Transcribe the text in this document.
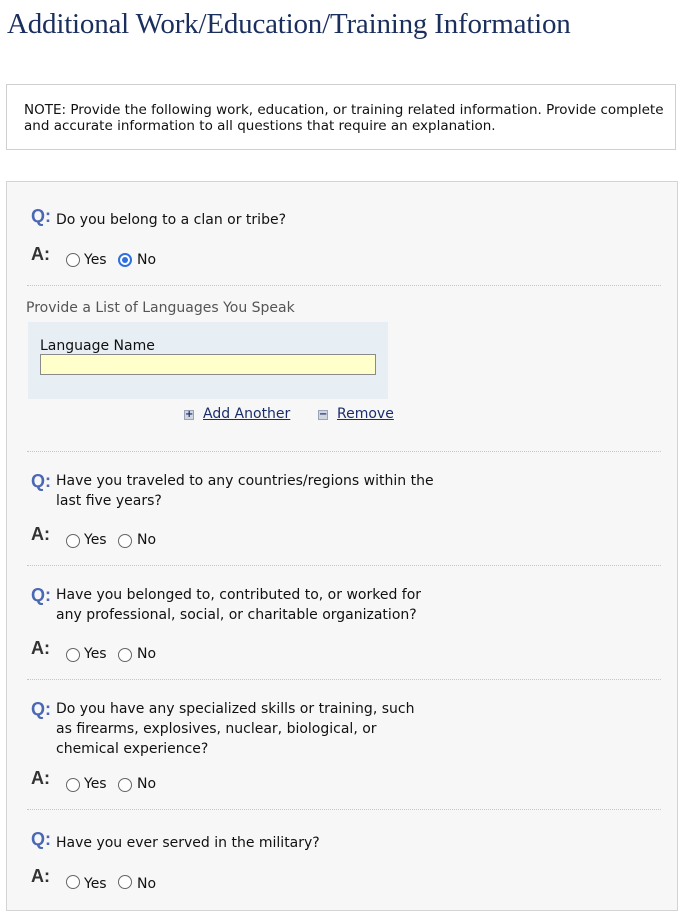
Additional Work/Education/Training Information
NOTE: Provide the following work, education, or training related information. Provide complete and accurate information to all questions that require an explanation.
Q: Do you belong to a clan or tribe?
A: Yes No
Provide a List of Languages You Speak
Language Name
+ Add Another	− Remove
Q: Have you traveled to any countries/regions within the last five years?
A: Yes No
Q: Have you belonged to, contributed to, or worked for any professional, social, or charitable organization?
A: Yes No
Q: Do you have any specialized skills or training, such as firearms, explosives, nuclear, biological, or chemical experience?
A: Yes No
Q: Have you ever served in the military?
A: Yes No
